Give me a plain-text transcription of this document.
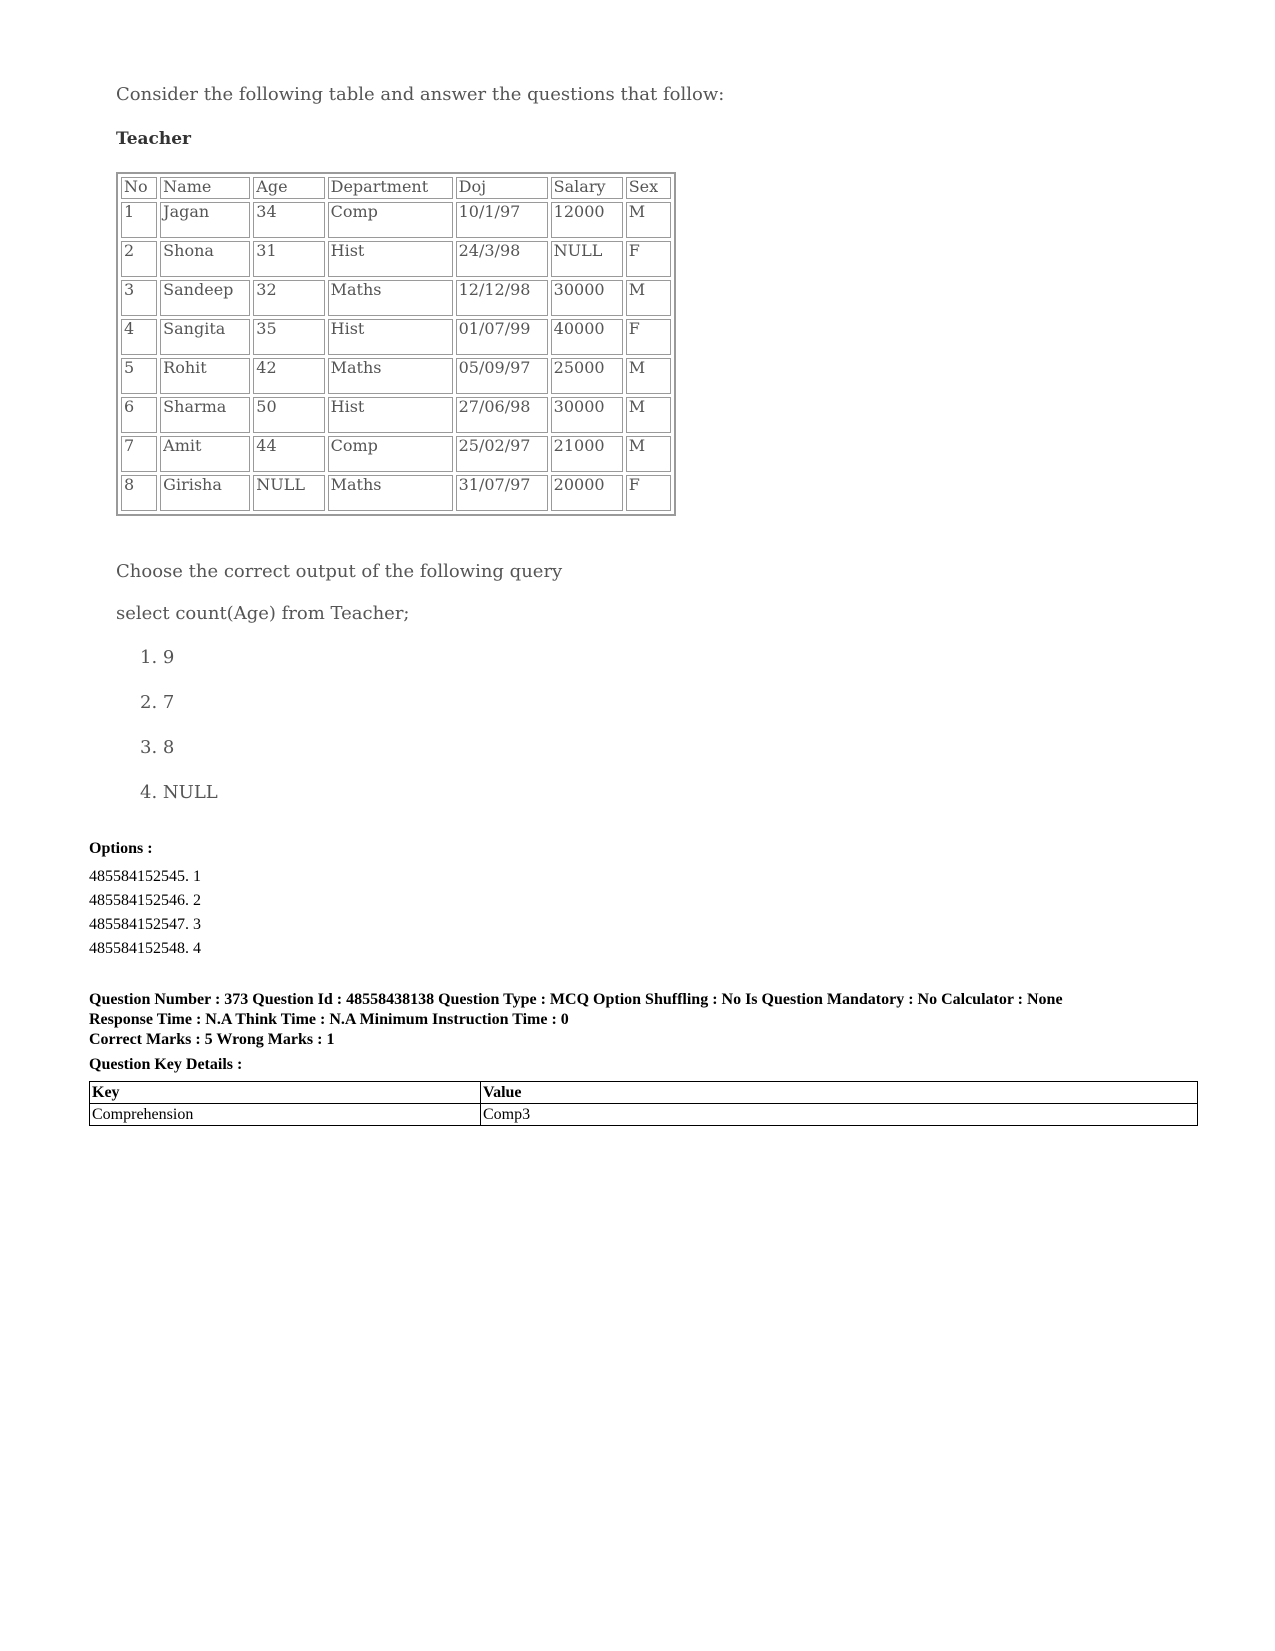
Consider the following table and answer the questions that follow:
Teacher
No	Name	Age	Department	Doj	Salary	Sex
1	Jagan	34	Comp	10/1/97	12000	M
2	Shona	31	Hist	24/3/98	NULL	F
3	Sandeep	32	Maths	12/12/98	30000	M
4	Sangita	35	Hist	01/07/99	40000	F
5	Rohit	42	Maths	05/09/97	25000	M
6	Sharma	50	Hist	27/06/98	30000	M
7	Amit	44	Comp	25/02/97	21000	M
8	Girisha	NULL	Maths	31/07/97	20000	F
Choose the correct output of the following query
select count(Age) from Teacher;
1. 9
2. 7
3. 8
4. NULL
Options :
485584152545. 1
485584152546. 2
485584152547. 3
485584152548. 4
Question Number : 373 Question Id : 48558438138 Question Type : MCQ Option Shuffling : No Is Question Mandatory : No Calculator : None
Response Time : N.A Think Time : N.A Minimum Instruction Time : 0
Correct Marks : 5 Wrong Marks : 1
Question Key Details :
Key	Value
Comprehension	Comp3
